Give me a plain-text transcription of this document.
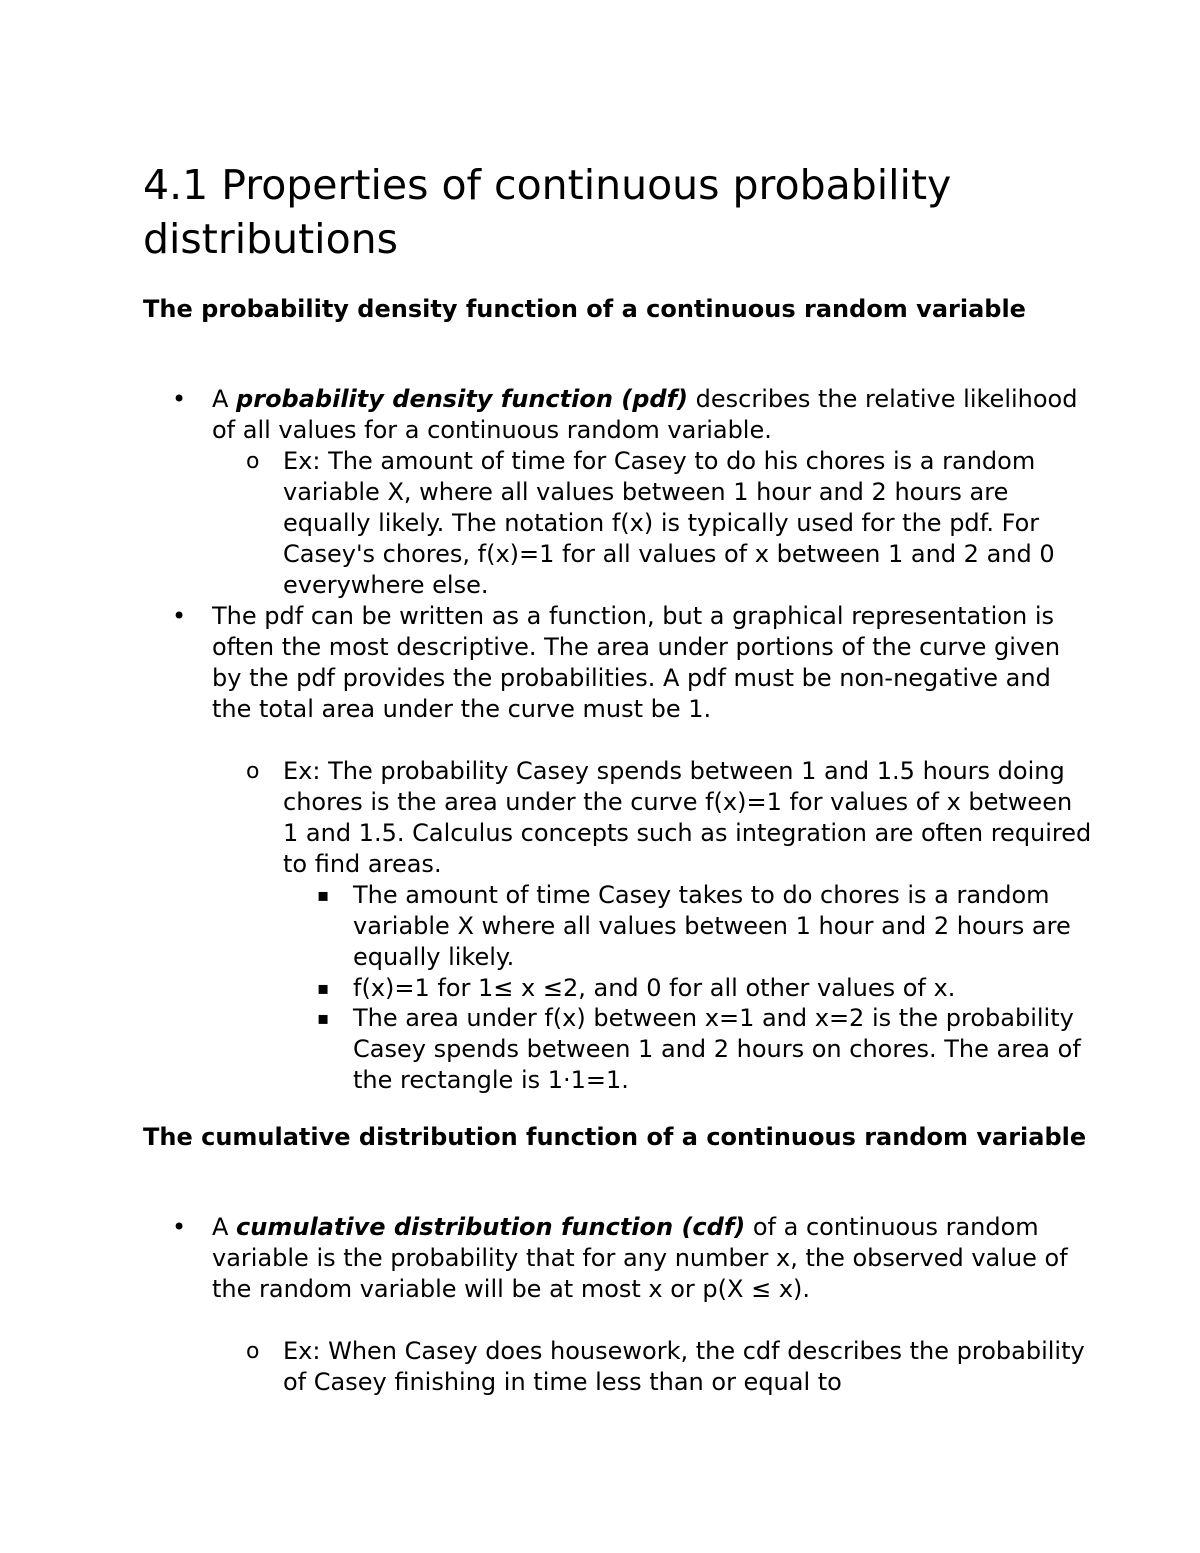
4.1 Properties of continuous probability distributions
The probability density function of a continuous random variable
• A probability density function (pdf) describes the relative likelihood of all values for a continuous random variable.

o Ex: The amount of time for Casey to do his chores is a random variable X, where all values between 1 hour and 2 hours are equally likely. The notation f(x) is typically used for the pdf. For Casey's chores, f(x)=1 for all values of x between 1 and 2 and 0 everywhere else.

• The pdf can be written as a function, but a graphical representation is often the most descriptive. The area under portions of the curve given by the pdf provides the probabilities. A pdf must be non-negative and the total area under the curve must be 1.

o Ex: The probability Casey spends between 1 and 1.5 hours doing chores is the area under the curve f(x)=1 for values of x between 1 and 1.5. Calculus concepts such as integration are often required to find areas.

▪ The amount of time Casey takes to do chores is a random variable X where all values between 1 hour and 2 hours are equally likely.

▪ f(x)=1 for 1≤ x ≤2, and 0 for all other values of x.

▪ The area under f(x) between x=1 and x=2 is the probability Casey spends between 1 and 2 hours on chores. The area of the rectangle is 1·1=1.

The cumulative distribution function of a continuous random variable
• A cumulative distribution function (cdf) of a continuous random variable is the probability that for any number x, the observed value of the random variable will be at most x or p(X ≤ x).

o Ex: When Casey does housework, the cdf describes the probability of Casey finishing in time less than or equal to
